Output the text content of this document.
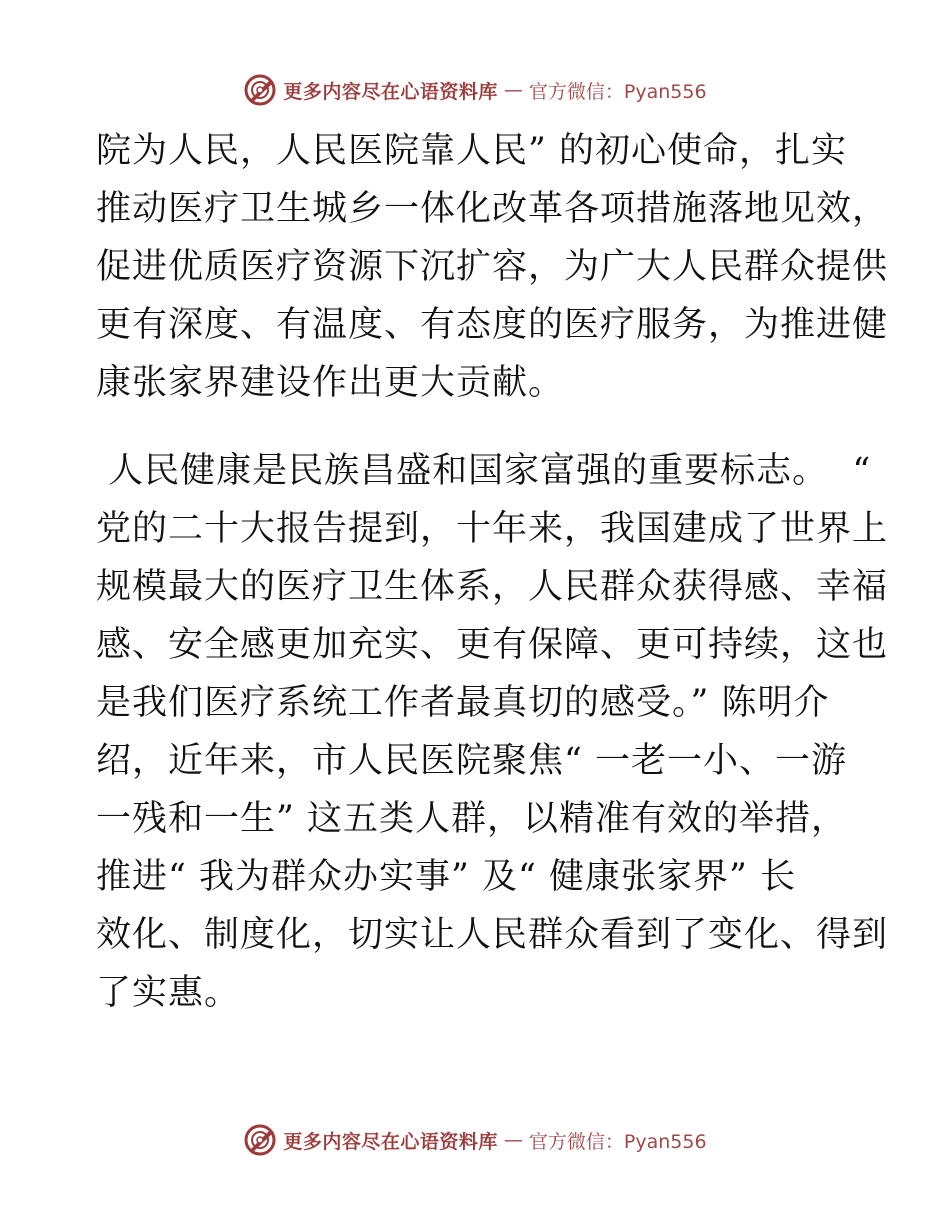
更多内容尽在心语资料库 — 官方微信：Pyan556
院为人民，人民医院靠人民” 的初心使命，扎实
推动医疗卫生城乡一体化改革各项措施落地见效，
促进优质医疗资源下沉扩容，为广大人民群众提供
更有深度、有温度、有态度的医疗服务，为推进健
康张家界建设作出更大贡献。
人民健康是民族昌盛和国家富强的重要标志。  “
党的二十大报告提到，十年来，我国建成了世界上
规模最大的医疗卫生体系，人民群众获得感、幸福
感、安全感更加充实、更有保障、更可持续，这也
是我们医疗系统工作者最真切的感受。” 陈明介
绍，近年来，市人民医院聚焦“ 一老一小、一游
一残和一生” 这五类人群，以精准有效的举措，
推进“ 我为群众办实事” 及“ 健康张家界” 长
效化、制度化，切实让人民群众看到了变化、得到
了实惠。
更多内容尽在心语资料库 — 官方微信：Pyan556
